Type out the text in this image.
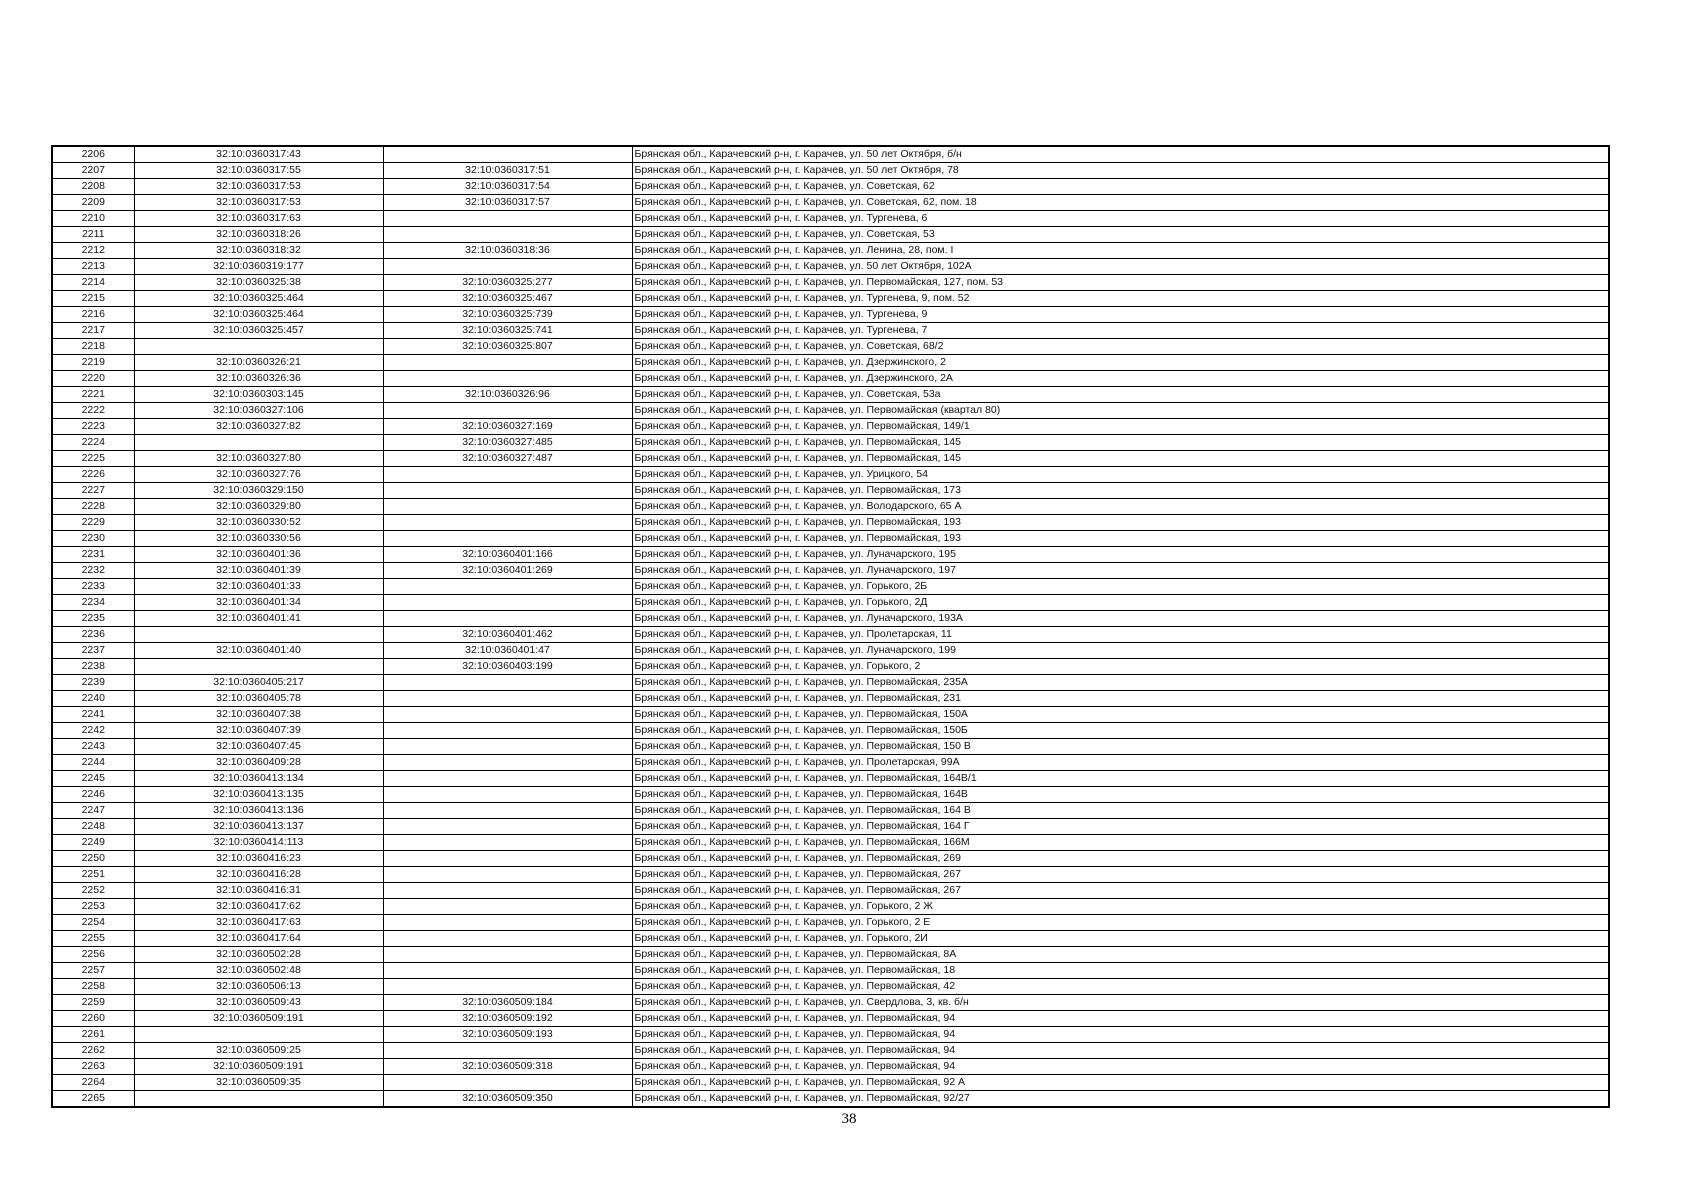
2206	32:10:0360317:43		Брянская обл., Карачевский р-н, г. Карачев, ул. 50 лет Октября, б/н
2207	32:10:0360317:55	32:10:0360317:51	Брянская обл., Карачевский р-н, г. Карачев, ул. 50 лет Октября, 78
2208	32:10:0360317:53	32:10:0360317:54	Брянская обл., Карачевский р-н, г. Карачев, ул. Советская, 62
2209	32:10:0360317:53	32:10:0360317:57	Брянская обл., Карачевский р-н, г. Карачев, ул. Советская, 62, пом. 18
2210	32:10:0360317:63		Брянская обл., Карачевский р-н, г. Карачев, ул. Тургенева, 6
2211	32:10:0360318:26		Брянская обл., Карачевский р-н, г. Карачев, ул. Советская, 53
2212	32:10:0360318:32	32:10:0360318:36	Брянская обл., Карачевский р-н, г. Карачев, ул. Ленина, 28, пом. I
2213	32:10:0360319:177		Брянская обл., Карачевский р-н, г. Карачев, ул. 50 лет Октября, 102А
2214	32:10:0360325:38	32:10:0360325:277	Брянская обл., Карачевский р-н, г. Карачев, ул. Первомайская, 127, пом. 53
2215	32:10:0360325:464	32:10:0360325:467	Брянская обл., Карачевский р-н, г. Карачев, ул. Тургенева, 9, пом. 52
2216	32:10:0360325:464	32:10:0360325:739	Брянская обл., Карачевский р-н, г. Карачев, ул. Тургенева, 9
2217	32:10:0360325:457	32:10:0360325:741	Брянская обл., Карачевский р-н, г. Карачев, ул. Тургенева, 7
2218		32:10:0360325:807	Брянская обл., Карачевский р-н, г. Карачев, ул. Советская, 68/2
2219	32:10:0360326:21		Брянская обл., Карачевский р-н, г. Карачев, ул. Дзержинского, 2
2220	32:10:0360326:36		Брянская обл., Карачевский р-н, г. Карачев, ул. Дзержинского, 2А
2221	32:10:0360303:145	32:10:0360326:96	Брянская обл., Карачевский р-н, г. Карачев, ул. Советская, 53а
2222	32:10:0360327:106		Брянская обл., Карачевский р-н, г. Карачев, ул. Первомайская (квартал 80)
2223	32:10:0360327:82	32:10:0360327:169	Брянская обл., Карачевский р-н, г. Карачев, ул. Первомайская, 149/1
2224		32:10:0360327:485	Брянская обл., Карачевский р-н, г. Карачев, ул. Первомайская, 145
2225	32:10:0360327:80	32:10:0360327:487	Брянская обл., Карачевский р-н, г. Карачев, ул. Первомайская, 145
2226	32:10:0360327:76		Брянская обл., Карачевский р-н, г. Карачев, ул. Урицкого, 54
2227	32:10:0360329:150		Брянская обл., Карачевский р-н, г. Карачев, ул. Первомайская, 173
2228	32:10:0360329:80		Брянская обл., Карачевский р-н, г. Карачев, ул. Володарского, 65 А
2229	32:10:0360330:52		Брянская обл., Карачевский р-н, г. Карачев, ул. Первомайская, 193
2230	32:10:0360330:56		Брянская обл., Карачевский р-н, г. Карачев, ул. Первомайская, 193
2231	32:10:0360401:36	32:10:0360401:166	Брянская обл., Карачевский р-н, г. Карачев, ул. Луначарского, 195
2232	32:10:0360401:39	32:10:0360401:269	Брянская обл., Карачевский р-н, г. Карачев, ул. Луначарского, 197
2233	32:10:0360401:33		Брянская обл., Карачевский р-н, г. Карачев, ул. Горького, 2Б
2234	32:10:0360401:34		Брянская обл., Карачевский р-н, г. Карачев, ул. Горького, 2Д
2235	32:10:0360401:41		Брянская обл., Карачевский р-н, г. Карачев, ул. Луначарского, 193А
2236		32:10:0360401:462	Брянская обл., Карачевский р-н, г. Карачев, ул. Пролетарская, 11
2237	32:10:0360401:40	32:10:0360401:47	Брянская обл., Карачевский р-н, г. Карачев, ул. Луначарского, 199
2238		32:10:0360403:199	Брянская обл., Карачевский р-н, г. Карачев, ул. Горького, 2
2239	32:10:0360405:217		Брянская обл., Карачевский р-н, г. Карачев, ул. Первомайская, 235А
2240	32:10:0360405:78		Брянская обл., Карачевский р-н, г. Карачев, ул. Первомайская, 231
2241	32:10:0360407:38		Брянская обл., Карачевский р-н, г. Карачев, ул. Первомайская, 150А
2242	32:10:0360407:39		Брянская обл., Карачевский р-н, г. Карачев, ул. Первомайская, 150Б
2243	32:10:0360407:45		Брянская обл., Карачевский р-н, г. Карачев, ул. Первомайская, 150 В
2244	32:10:0360409:28		Брянская обл., Карачевский р-н, г. Карачев, ул. Пролетарская, 99А
2245	32:10:0360413:134		Брянская обл., Карачевский р-н, г. Карачев, ул. Первомайская, 164В/1
2246	32:10:0360413:135		Брянская обл., Карачевский р-н, г. Карачев, ул. Первомайская, 164В
2247	32:10:0360413:136		Брянская обл., Карачевский р-н, г. Карачев, ул. Первомайская, 164 В
2248	32:10:0360413:137		Брянская обл., Карачевский р-н, г. Карачев, ул. Первомайская, 164 Г
2249	32:10:0360414:113		Брянская обл., Карачевский р-н, г. Карачев, ул. Первомайская, 166М
2250	32:10:0360416:23		Брянская обл., Карачевский р-н, г. Карачев, ул. Первомайская, 269
2251	32:10:0360416:28		Брянская обл., Карачевский р-н, г. Карачев, ул. Первомайская, 267
2252	32:10:0360416:31		Брянская обл., Карачевский р-н, г. Карачев, ул. Первомайская, 267
2253	32:10:0360417:62		Брянская обл., Карачевский р-н, г. Карачев, ул. Горького, 2 Ж
2254	32:10:0360417:63		Брянская обл., Карачевский р-н, г. Карачев, ул. Горького, 2 Е
2255	32:10:0360417:64		Брянская обл., Карачевский р-н, г. Карачев, ул. Горького, 2И
2256	32:10:0360502:28		Брянская обл., Карачевский р-н, г. Карачев, ул. Первомайская, 8А
2257	32:10:0360502:48		Брянская обл., Карачевский р-н, г. Карачев, ул. Первомайская, 18
2258	32:10:0360506:13		Брянская обл., Карачевский р-н, г. Карачев, ул. Первомайская, 42
2259	32:10:0360509:43	32:10:0360509:184	Брянская обл., Карачевский р-н, г. Карачев, ул. Свердлова, 3, кв. б/н
2260	32:10:0360509:191	32:10:0360509:192	Брянская обл., Карачевский р-н, г. Карачев, ул. Первомайская, 94
2261		32:10:0360509:193	Брянская обл., Карачевский р-н, г. Карачев, ул. Первомайская, 94
2262	32:10:0360509:25		Брянская обл., Карачевский р-н, г. Карачев, ул. Первомайская, 94
2263	32:10:0360509:191	32:10:0360509:318	Брянская обл., Карачевский р-н, г. Карачев, ул. Первомайская, 94
2264	32:10:0360509:35		Брянская обл., Карачевский р-н, г. Карачев, ул. Первомайская, 92 А
2265		32:10:0360509:350	Брянская обл., Карачевский р-н, г. Карачев, ул. Первомайская, 92/27
38
